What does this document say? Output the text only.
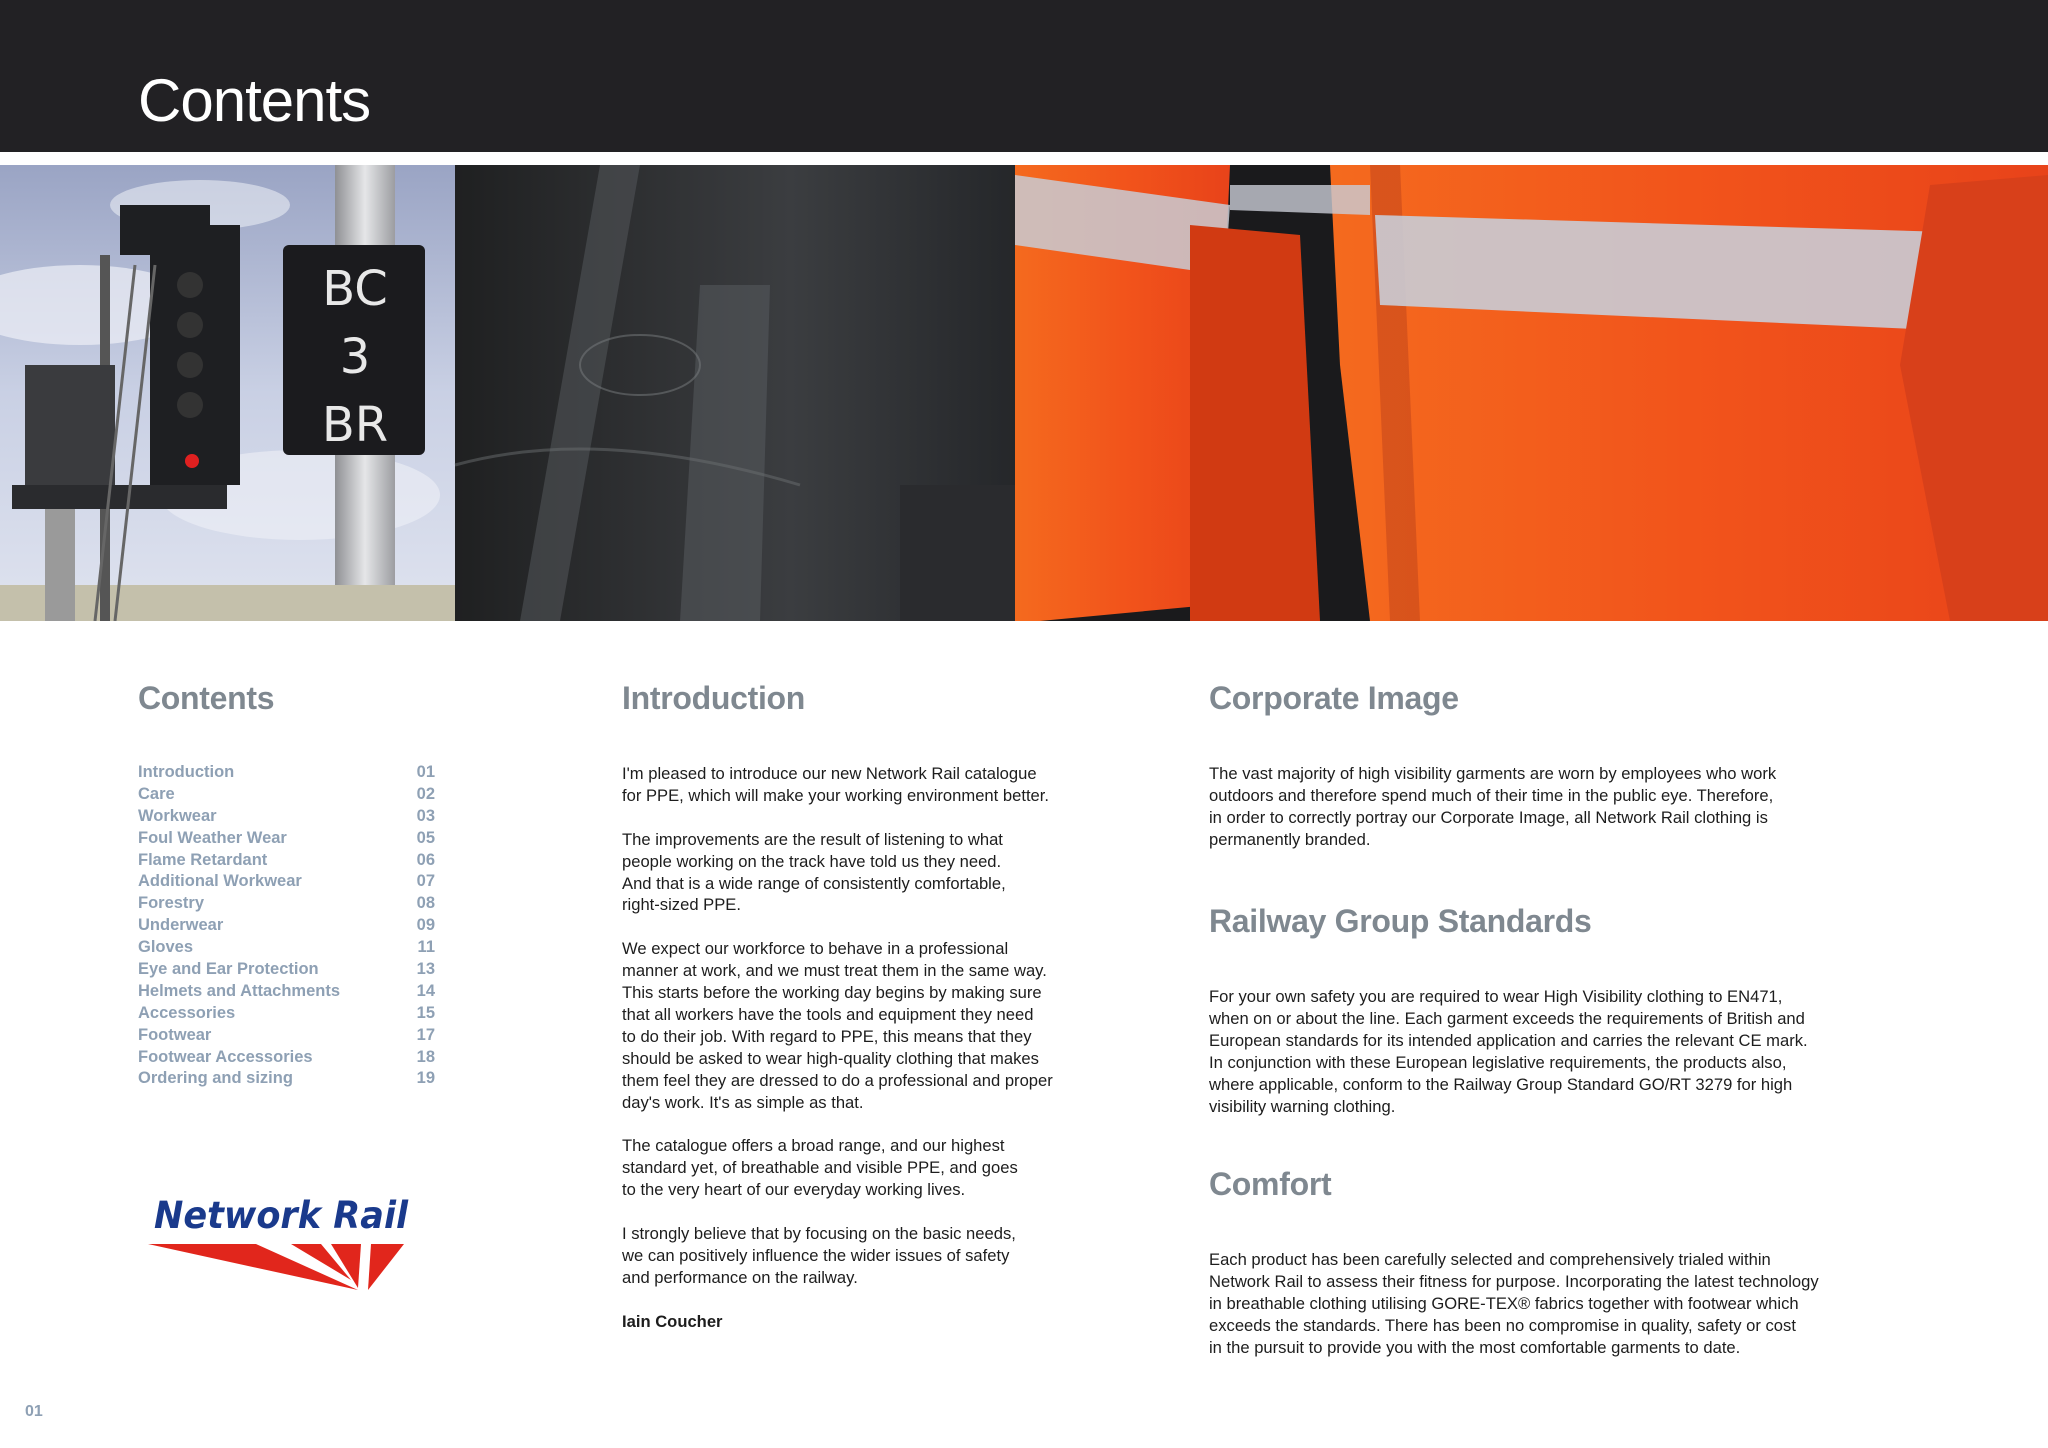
Contents
BC
3
BR
Contents
Introduction	01
Care	02
Workwear	03
Foul Weather Wear	05
Flame Retardant	06
Additional Workwear	07
Forestry	08
Underwear	09
Gloves	11
Eye and Ear Protection	13
Helmets and Attachments	14
Accessories	15
Footwear	17
Footwear Accessories	18
Ordering and sizing	19
Network Rail
Introduction

I'm pleased to introduce our new Network Rail catalogue
for PPE, which will make your working environment better.

The improvements are the result of listening to what
people working on the track have told us they need.
And that is a wide range of consistently comfortable,
right-sized PPE.

We expect our workforce to behave in a professional
manner at work, and we must treat them in the same way.
This starts before the working day begins by making sure
that all workers have the tools and equipment they need
to do their job. With regard to PPE, this means that they
should be asked to wear high-quality clothing that makes
them feel they are dressed to do a professional and proper
day's work. It's as simple as that.

The catalogue offers a broad range, and our highest
standard yet, of breathable and visible PPE, and goes
to the very heart of our everyday working lives.

I strongly believe that by focusing on the basic needs,
we can positively influence the wider issues of safety
and performance on the railway.

Iain Coucher

Corporate Image

The vast majority of high visibility garments are worn by employees who work
outdoors and therefore spend much of their time in the public eye. Therefore,
in order to correctly portray our Corporate Image, all Network Rail clothing is
permanently branded.

Railway Group Standards

For your own safety you are required to wear High Visibility clothing to EN471,
when on or about the line. Each garment exceeds the requirements of British and
European standards for its intended application and carries the relevant CE mark.
In conjunction with these European legislative requirements, the products also,
where applicable, conform to the Railway Group Standard GO/RT 3279 for high
visibility warning clothing.

Comfort

Each product has been carefully selected and comprehensively trialed within
Network Rail to assess their fitness for purpose. Incorporating the latest technology
in breathable clothing utilising GORE-TEX® fabrics together with footwear which
exceeds the standards. There has been no compromise in quality, safety or cost
in the pursuit to provide you with the most comfortable garments to date.

01
